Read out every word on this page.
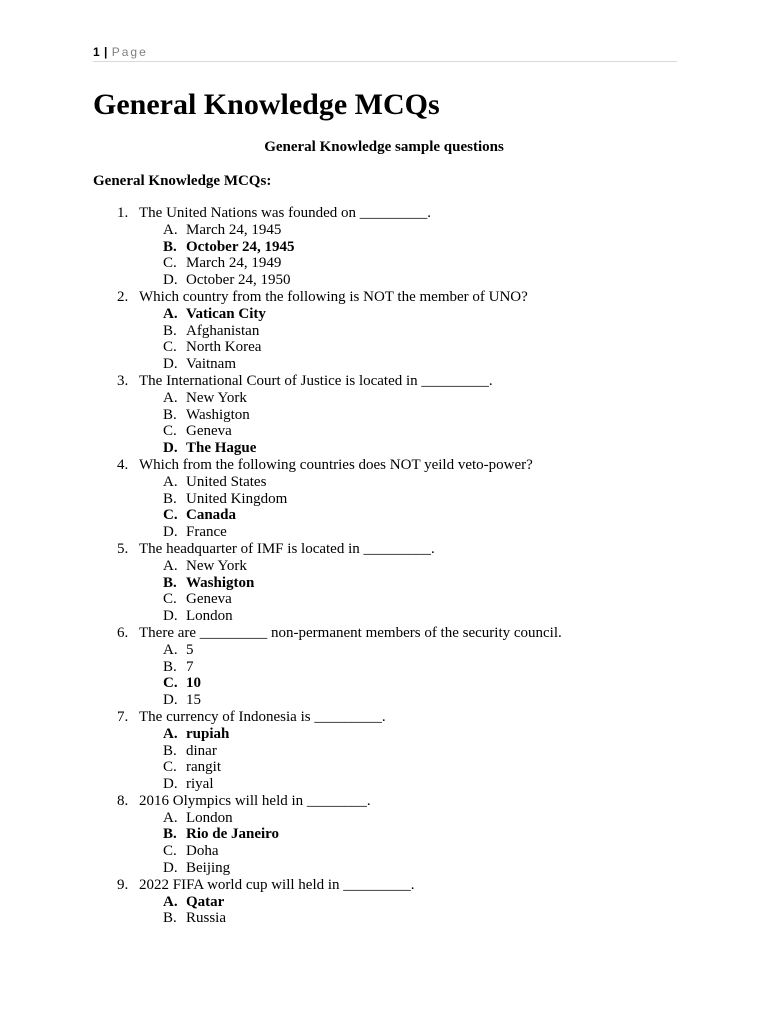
1 | Page
General Knowledge MCQs
General Knowledge sample questions
General Knowledge MCQs:
1. The United Nations was founded on _________.
A. March 24, 1945
B. October 24, 1945
C. March 24, 1949
D. October 24, 1950
2. Which country from the following is NOT the member of UNO?
A. Vatican City
B. Afghanistan
C. North Korea
D. Vaitnam
3. The International Court of Justice is located in _________.
A. New York
B. Washigton
C. Geneva
D. The Hague
4. Which from the following countries does NOT yeild veto-power?
A. United States
B. United Kingdom
C. Canada
D. France
5. The headquarter of IMF is located in _________.
A. New York
B. Washigton
C. Geneva
D. London
6. There are _________ non-permanent members of the security council.
A. 5
B. 7
C. 10
D. 15
7. The currency of Indonesia is _________.
A. rupiah
B. dinar
C. rangit
D. riyal
8. 2016 Olympics will held in ________.
A. London
B. Rio de Janeiro
C. Doha
D. Beijing
9. 2022 FIFA world cup will held in _________.
A. Qatar
B. Russia
